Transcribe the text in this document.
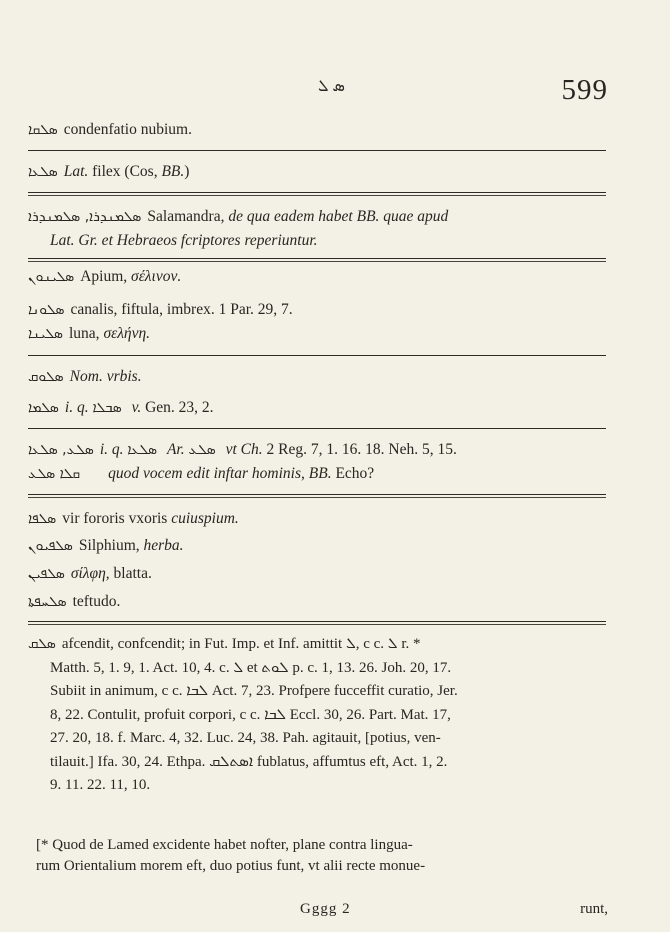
ܣ ܠ	599
ܣܠܩܐ condenfatio nubium.
ܣܠܥܐ Lat. filex (Cos, BB.)
ܣܠܡܢܕܪܐ, ܣܠܡܢܕܪܐ Salamandra, de qua eadem habet BB. quae apud
Lat. Gr. et Hebraeos fcriptores reperiuntur.
ܣܠܝܢܘܢ Apium, σέλινον.
ܣܠܘܢܐ canalis, fiftula, imbrex. 1 Par. 29, 7.
ܣܠܝܢܐ luna, σελήνη.
ܣܠܘܩ Nom. vrbis.
ܣܠܡܐ i. q. ܣܒܠܐ v. Gen. 23, 2.
ܣܠܥ, ܣܠܥܐ i. q. ܣܠܥܐ Ar. ܣܠܥ vt Ch. 2 Reg. 7, 1. 16. 18. Neh. 5, 15.
ܩܠܐ ܣܠܥ quod vocem edit inftar hominis, BB. Echo?
ܣܠܦܐ vir fororis vxoris cuiuspium.
ܣܠܦܝܘܢ Silphium, herba.
ܣܠܦܝܢ σίλφη, blatta.
ܣܠܚܦܬܐ teftudo.
ܣܠܩ afcendit, confcendit; in Fut. Imp. et Inf. amittit ܠ, c c. ܠ r. *
Matth. 5, 1. 9, 1. Act. 10, 4. c. ܠ et ܠܘܬ p. c. 1, 13. 26. Joh. 20, 17.
Subiit in animum, c c. ܠܒܐ Act. 7, 23. Profpere fucceffit curatio, Jer.
8, 22. Contulit, profuit corpori, c c. ܠܒܐ Eccl. 30, 26. Part. Mat. 17,
27. 20, 18. f. Marc. 4, 32. Luc. 24, 38. Pah. agitauit, [potius, ven-
tilauit.] Ifa. 30, 24. Ethpa. ܐܣܬܠܩ fublatus, affumtus eft, Act. 1, 2.
9. 11. 22. 11, 10.
[* Quod de Lamed excidente habet nofter, plane contra lingua-
rum Orientalium morem eft, duo potius funt, vt alii recte monue-
Gggg 2	runt,
